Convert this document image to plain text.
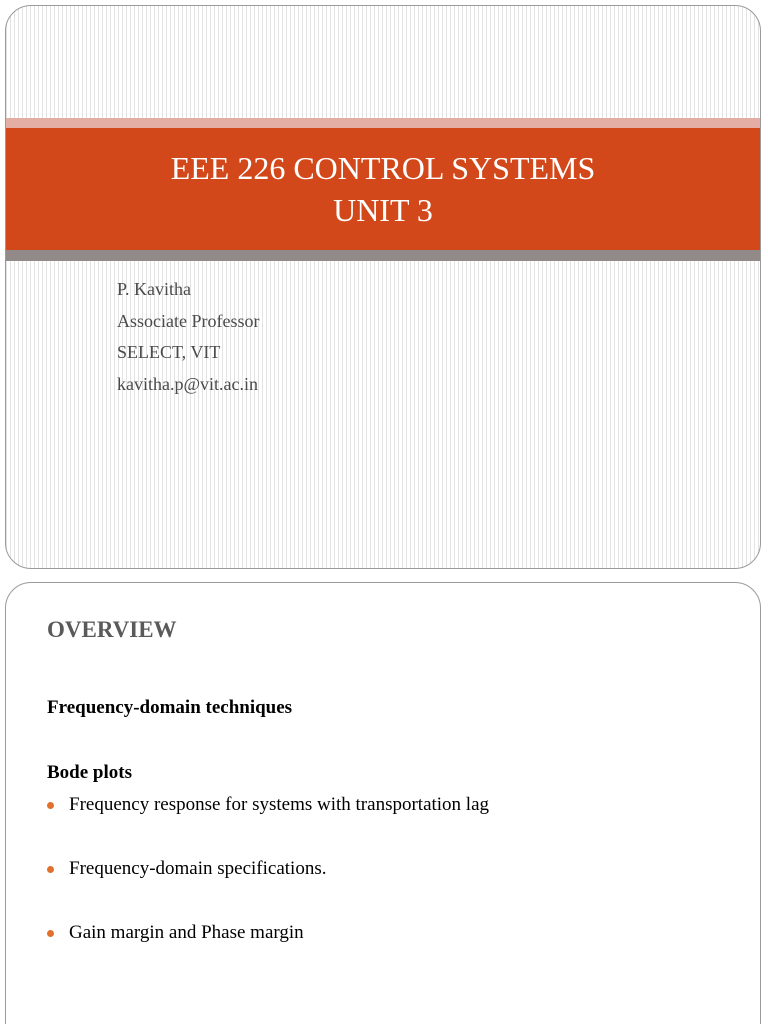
EEE 226 CONTROL SYSTEMS
UNIT 3
P. Kavitha
Associate Professor
SELECT, VIT
kavitha.p@vit.ac.in
OVERVIEW
Frequency-domain techniques
Bode plots
Frequency response for systems with transportation lag
Frequency-domain specifications.
Gain margin and Phase margin
